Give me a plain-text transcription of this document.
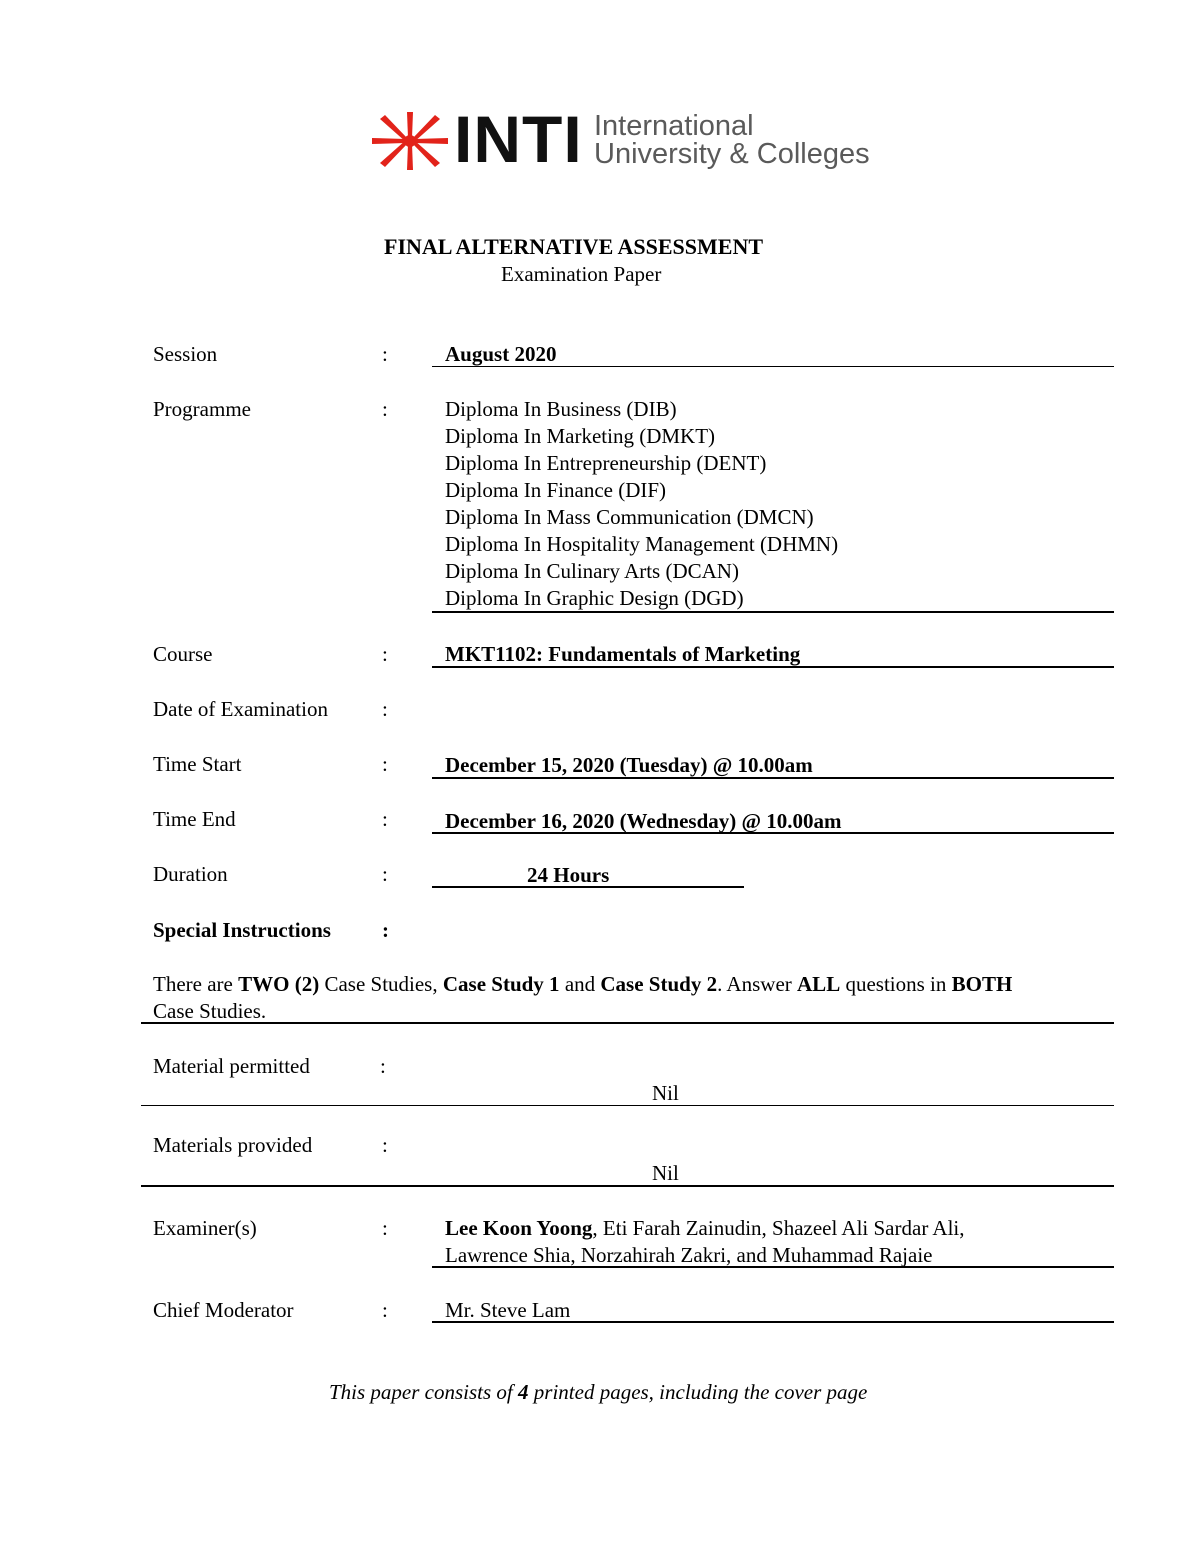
INTI International
University & Colleges
FINAL ALTERNATIVE ASSESSMENT
Examination Paper
Session	:	August 2020
Programme	:	Diploma In Business (DIB)
Diploma In Marketing (DMKT)
Diploma In Entrepreneurship (DENT)
Diploma In Finance (DIF)
Diploma In Mass Communication (DMCN)
Diploma In Hospitality Management (DHMN)
Diploma In Culinary Arts (DCAN)
Diploma In Graphic Design (DGD)
Course	:	MKT1102: Fundamentals of Marketing
Date of Examination	:
Time Start	:	December 15, 2020 (Tuesday) @ 10.00am
Time End	:	December 16, 2020 (Wednesday) @ 10.00am
Duration	:	24 Hours
Special Instructions :
There are TWO (2) Case Studies, Case Study 1 and Case Study 2. Answer ALL questions in BOTH
Case Studies.
Material permitted	:
Nil
Materials provided	:
Nil
Examiner(s)	:	Lee Koon Yoong, Eti Farah Zainudin, Shazeel Ali Sardar Ali,
Lawrence Shia, Norzahirah Zakri, and Muhammad Rajaie
Chief Moderator	:	Mr. Steve Lam
This paper consists of 4 printed pages, including the cover page
